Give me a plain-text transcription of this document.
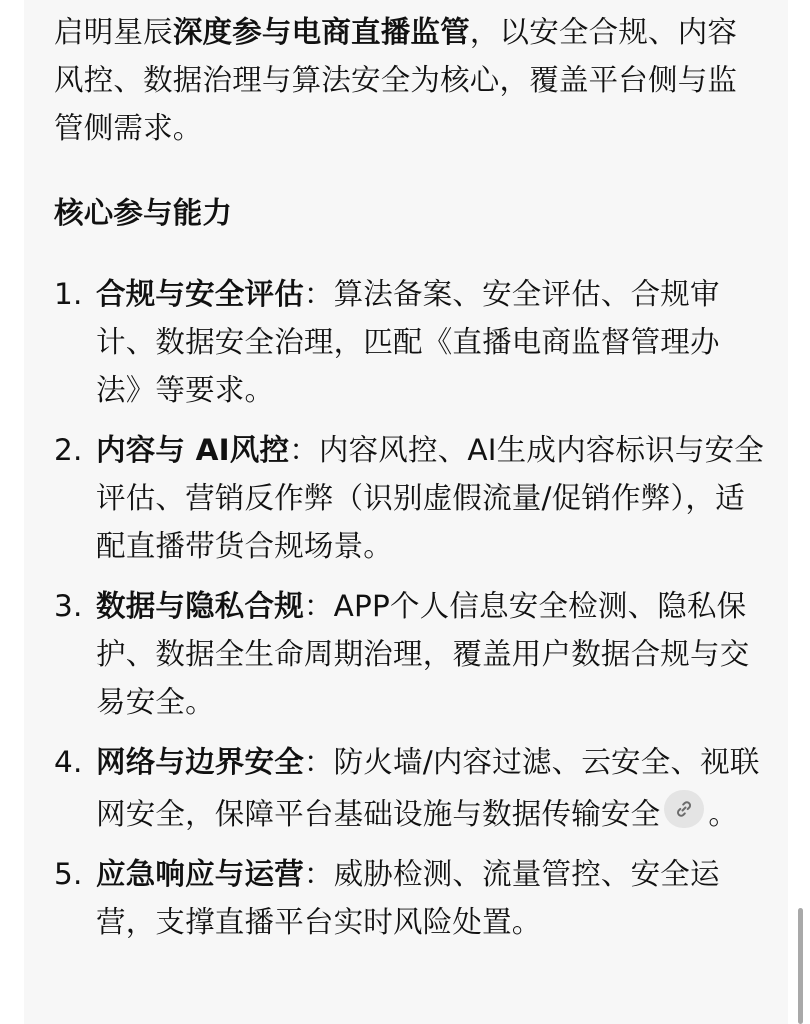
启明星辰深度参与电商直播监管，以安全合规、内容风控、数据治理与算法安全为核心，覆盖平台侧与监管侧需求。

核心参与能力
1. 合规与安全评估：算法备案、安全评估、合规审计、数据安全治理，匹配《直播电商监督管理办法》等要求。
2. 内容与 AI风控：内容风控、AI生成内容标识与安全评估、营销反作弊（识别虚假流量/促销作弊），适配直播带货合规场景。
3. 数据与隐私合规：APP个人信息安全检测、隐私保护、数据全生命周期治理，覆盖用户数据合规与交易安全。
4. 网络与边界安全：防火墙/内容过滤、云安全、视联网安全，保障平台基础设施与数据传输安全 。
5. 应急响应与运营：威胁检测、流量管控、安全运营，支撑直播平台实时风险处置。
